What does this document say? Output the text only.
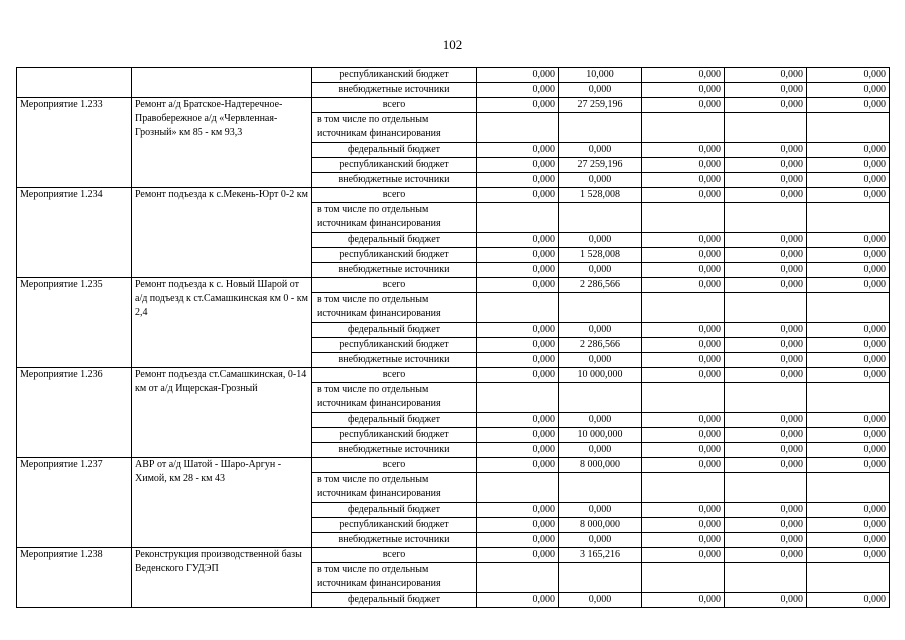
102
		республиканский бюджет	0,000	10,000	0,000	0,000	0,000
		внебюджетные источники	0,000	0,000	0,000	0,000	0,000
Мероприятие 1.233	Ремонт а/д Братское-Надтеречное-Правобережное а/д «Червленная-Грозный» км 85 - км 93,3	всего	0,000	27 259,196	0,000	0,000	0,000
		в том числе по отдельным источникам финансирования					
		федеральный бюджет	0,000	0,000	0,000	0,000	0,000
		республиканский бюджет	0,000	27 259,196	0,000	0,000	0,000
		внебюджетные источники	0,000	0,000	0,000	0,000	0,000
Мероприятие 1.234	Ремонт подъезда к с.Мекень-Юрт 0-2 км	всего	0,000	1 528,008	0,000	0,000	0,000
		в том числе по отдельным источникам финансирования					
		федеральный бюджет	0,000	0,000	0,000	0,000	0,000
		республиканский бюджет	0,000	1 528,008	0,000	0,000	0,000
		внебюджетные источники	0,000	0,000	0,000	0,000	0,000
Мероприятие 1.235	Ремонт подъезда к с. Новый Шарой от а/д подъезд к ст.Самашкинская км 0 - км 2,4	всего	0,000	2 286,566	0,000	0,000	0,000
		в том числе по отдельным источникам финансирования					
		федеральный бюджет	0,000	0,000	0,000	0,000	0,000
		республиканский бюджет	0,000	2 286,566	0,000	0,000	0,000
		внебюджетные источники	0,000	0,000	0,000	0,000	0,000
Мероприятие 1.236	Ремонт подъезда ст.Самашкинская, 0-14 км от а/д Ищерская-Грозный	всего	0,000	10 000,000	0,000	0,000	0,000
		в том числе по отдельным источникам финансирования					
		федеральный бюджет	0,000	0,000	0,000	0,000	0,000
		республиканский бюджет	0,000	10 000,000	0,000	0,000	0,000
		внебюджетные источники	0,000	0,000	0,000	0,000	0,000
Мероприятие 1.237	АВР от а/д Шатой - Шаро-Аргун - Химой, км 28 - км 43	всего	0,000	8 000,000	0,000	0,000	0,000
		в том числе по отдельным источникам финансирования					
		федеральный бюджет	0,000	0,000	0,000	0,000	0,000
		республиканский бюджет	0,000	8 000,000	0,000	0,000	0,000
		внебюджетные источники	0,000	0,000	0,000	0,000	0,000
Мероприятие 1.238	Реконструкция производственной базы Веденского ГУДЭП	всего	0,000	3 165,216	0,000	0,000	0,000
		в том числе по отдельным источникам финансирования					
		федеральный бюджет	0,000	0,000	0,000	0,000	0,000
